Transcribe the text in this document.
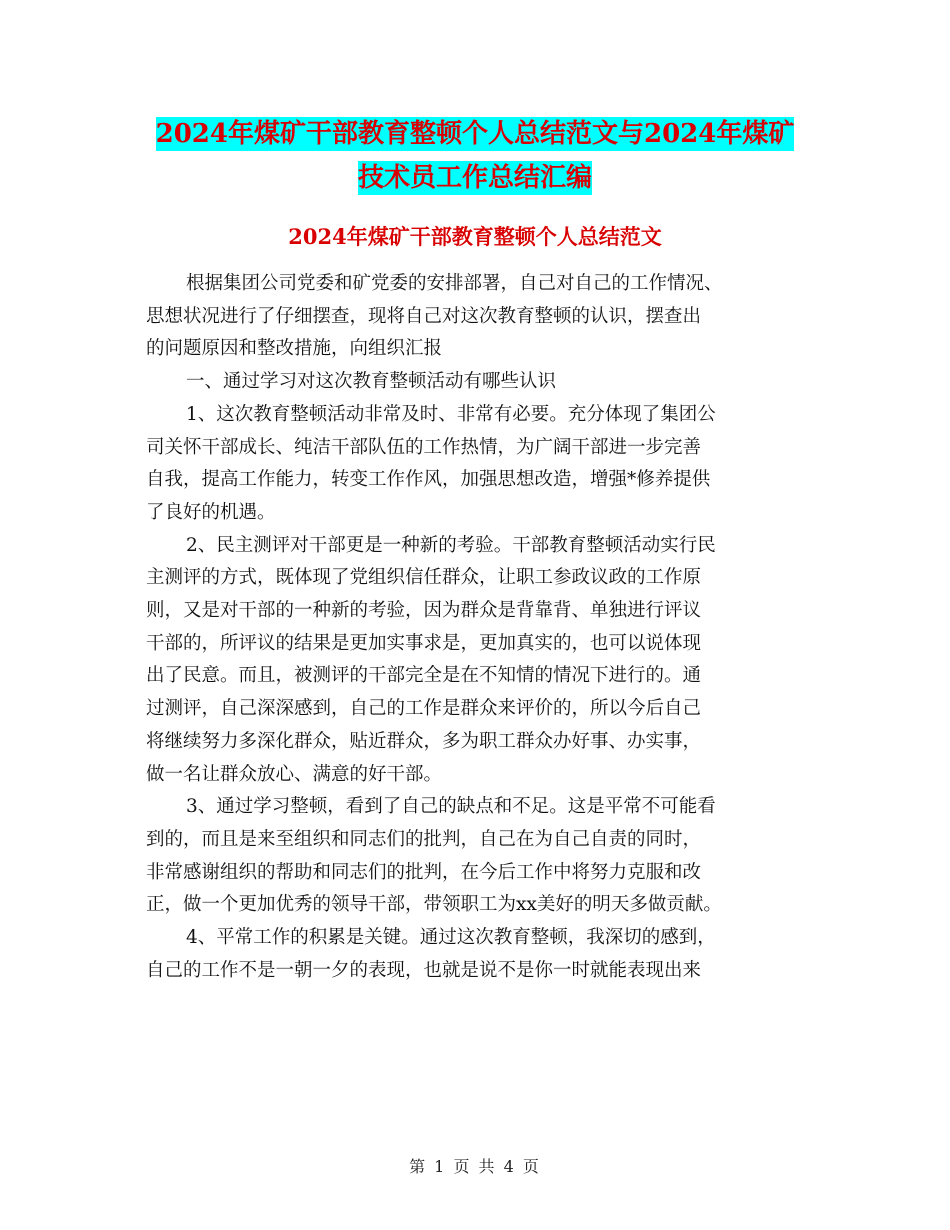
2024年煤矿干部教育整顿个人总结范文与2024年煤矿
技术员工作总结汇编
2024年煤矿干部教育整顿个人总结范文
根据集团公司党委和矿党委的安排部署，自己对自己的工作情况、
思想状况进行了仔细摆查，现将自己对这次教育整顿的认识，摆查出
的问题原因和整改措施，向组织汇报
一、通过学习对这次教育整顿活动有哪些认识
1、这次教育整顿活动非常及时、非常有必要。充分体现了集团公
司关怀干部成长、纯洁干部队伍的工作热情，为广阔干部进一步完善
自我，提高工作能力，转变工作作风，加强思想改造，增强*修养提供
了良好的机遇。
2、民主测评对干部更是一种新的考验。干部教育整顿活动实行民
主测评的方式，既体现了党组织信任群众，让职工参政议政的工作原
则，又是对干部的一种新的考验，因为群众是背靠背、单独进行评议
干部的，所评议的结果是更加实事求是，更加真实的，也可以说体现
出了民意。而且，被测评的干部完全是在不知情的情况下进行的。通
过测评，自己深深感到，自己的工作是群众来评价的，所以今后自己
将继续努力多深化群众，贴近群众，多为职工群众办好事、办实事，
做一名让群众放心、满意的好干部。
3、通过学习整顿，看到了自己的缺点和不足。这是平常不可能看
到的，而且是来至组织和同志们的批判，自己在为自己自责的同时，
非常感谢组织的帮助和同志们的批判，在今后工作中将努力克服和改
正，做一个更加优秀的领导干部，带领职工为xx美好的明天多做贡献。
4、平常工作的积累是关键。通过这次教育整顿，我深切的感到，
自己的工作不是一朝一夕的表现，也就是说不是你一时就能表现出来
第 1 页 共 4 页
